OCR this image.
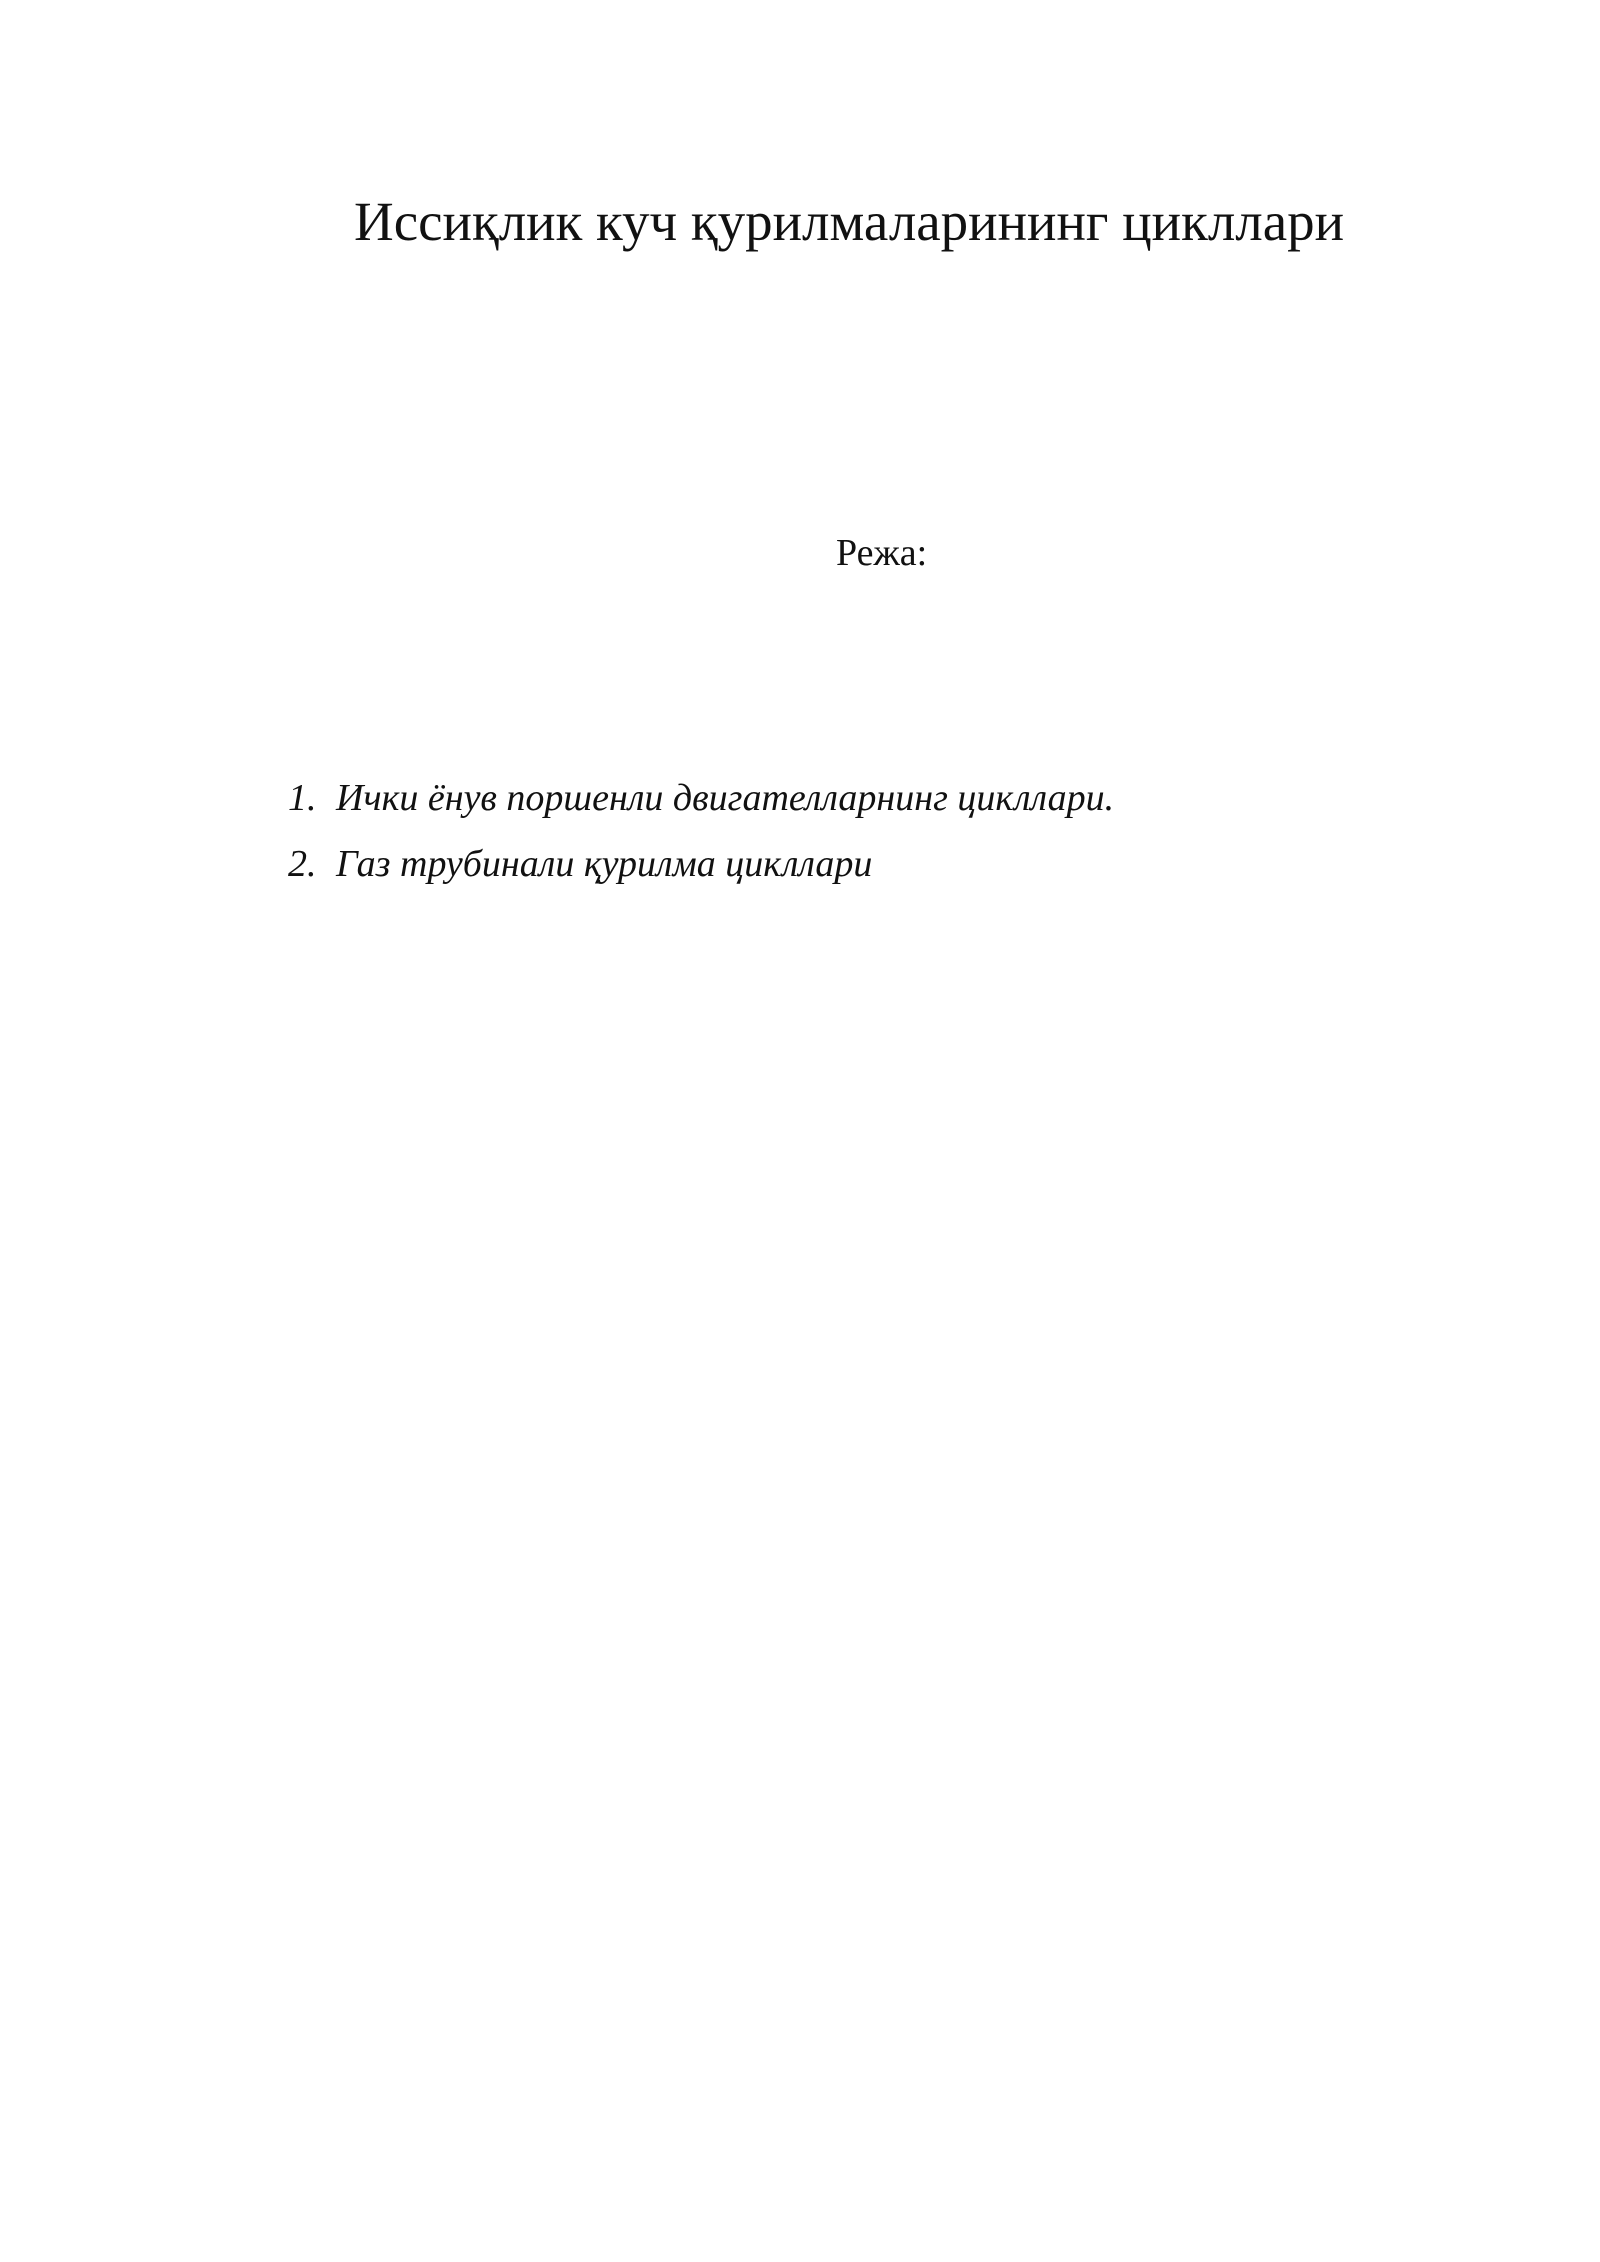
Иссиқлик куч қурилмаларининг цикллари
Режа:
1. Ички ёнув поршенли двигателларнинг цикллари.
2. Газ трубинали қурилма цикллари
